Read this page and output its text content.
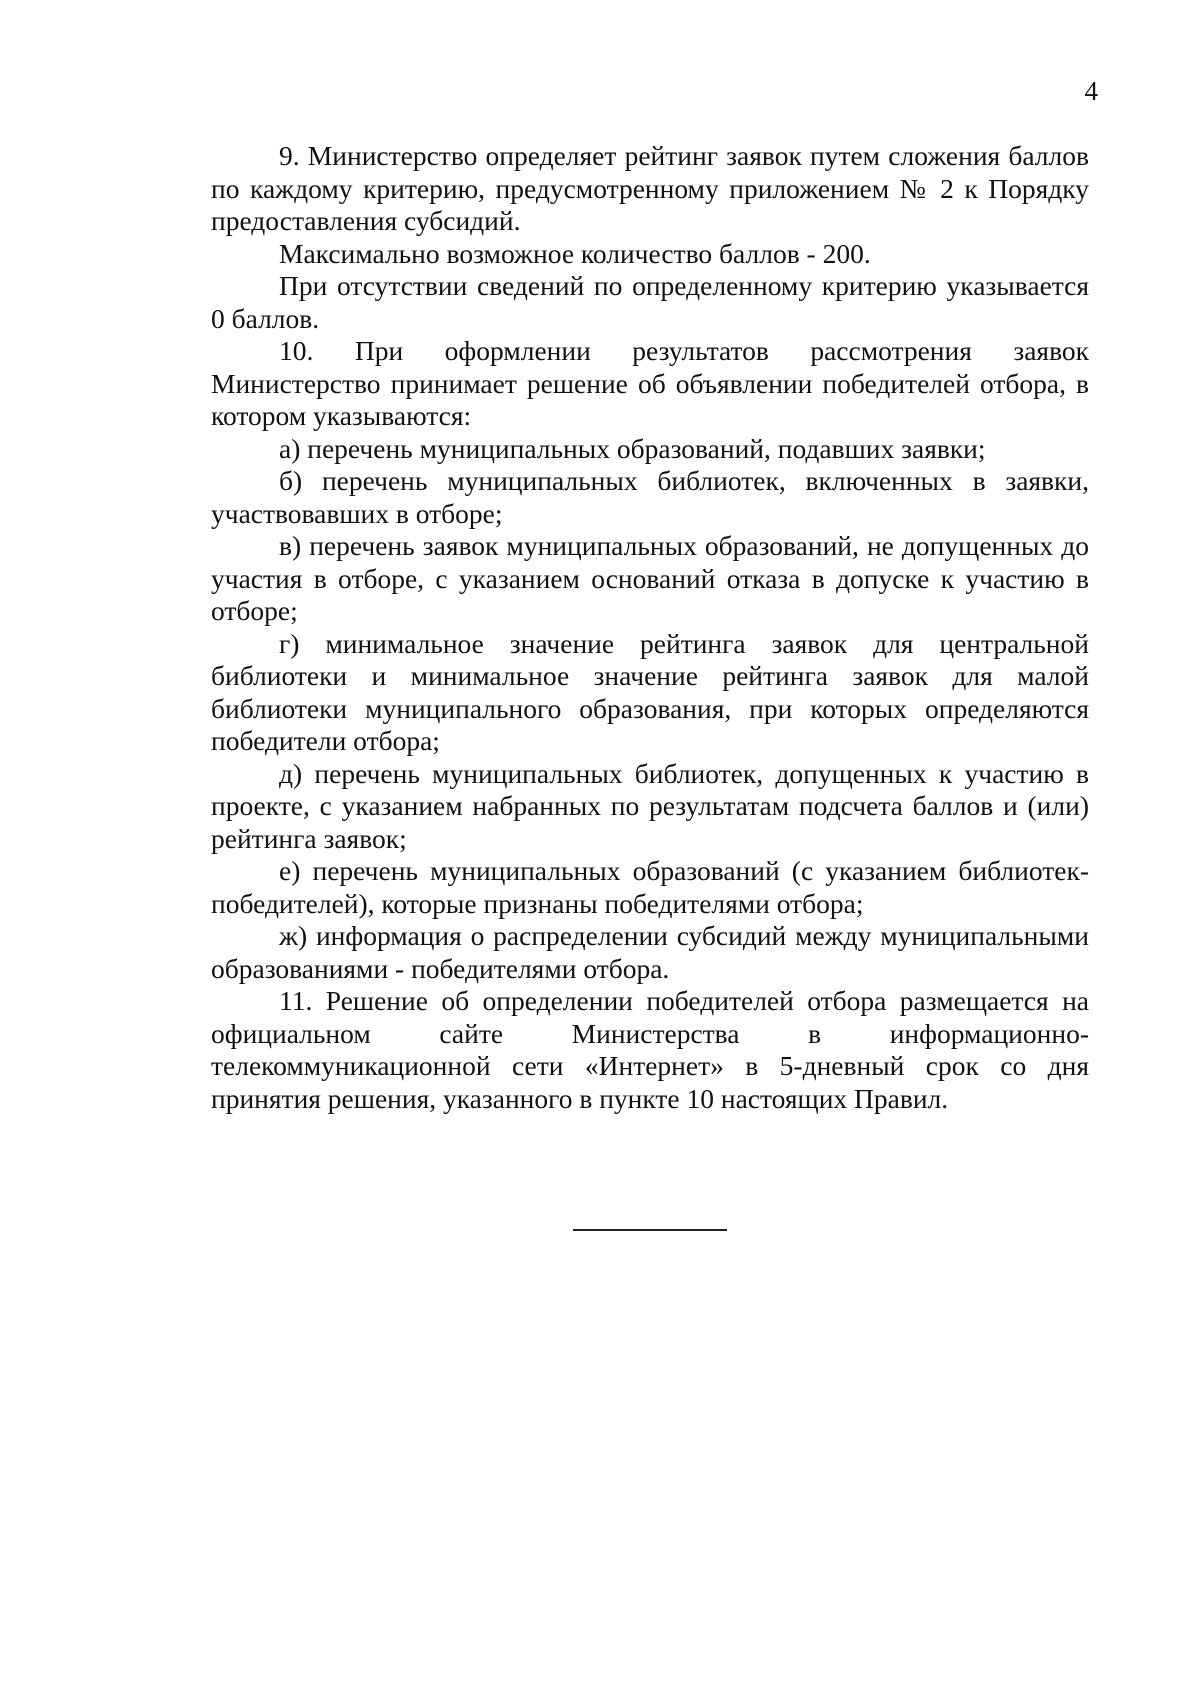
4

9. Министерство определяет рейтинг заявок путем сложения баллов по каждому критерию, предусмотренному приложением № 2 к Порядку предоставления субсидий.

Максимально возможное количество баллов - 200.

При отсутствии сведений по определенному критерию указывается 0 баллов.

10. При оформлении результатов рассмотрения заявок Министерство принимает решение об объявлении победителей отбора, в котором указываются:

а) перечень муниципальных образований, подавших заявки;

б) перечень муниципальных библиотек, включенных в заявки, участвовавших в отборе;

в) перечень заявок муниципальных образований, не допущенных до участия в отборе, с указанием оснований отказа в допуске к участию в отборе;

г) минимальное значение рейтинга заявок для центральной библиотеки и минимальное значение рейтинга заявок для малой библиотеки муниципального образования, при которых определяются победители отбора;

д) перечень муниципальных библиотек, допущенных к участию в проекте, с указанием набранных по результатам подсчета баллов и (или) рейтинга заявок;

е) перечень муниципальных образований (с указанием библиотек-победителей), которые признаны победителями отбора;

ж) информация о распределении субсидий между муниципальными образованиями - победителями отбора.

11. Решение об определении победителей отбора размещается на официальном сайте Министерства в информационно-телекоммуникационной сети «Интернет» в 5-дневный срок со дня принятия решения, указанного в пункте 10 настоящих Правил.
